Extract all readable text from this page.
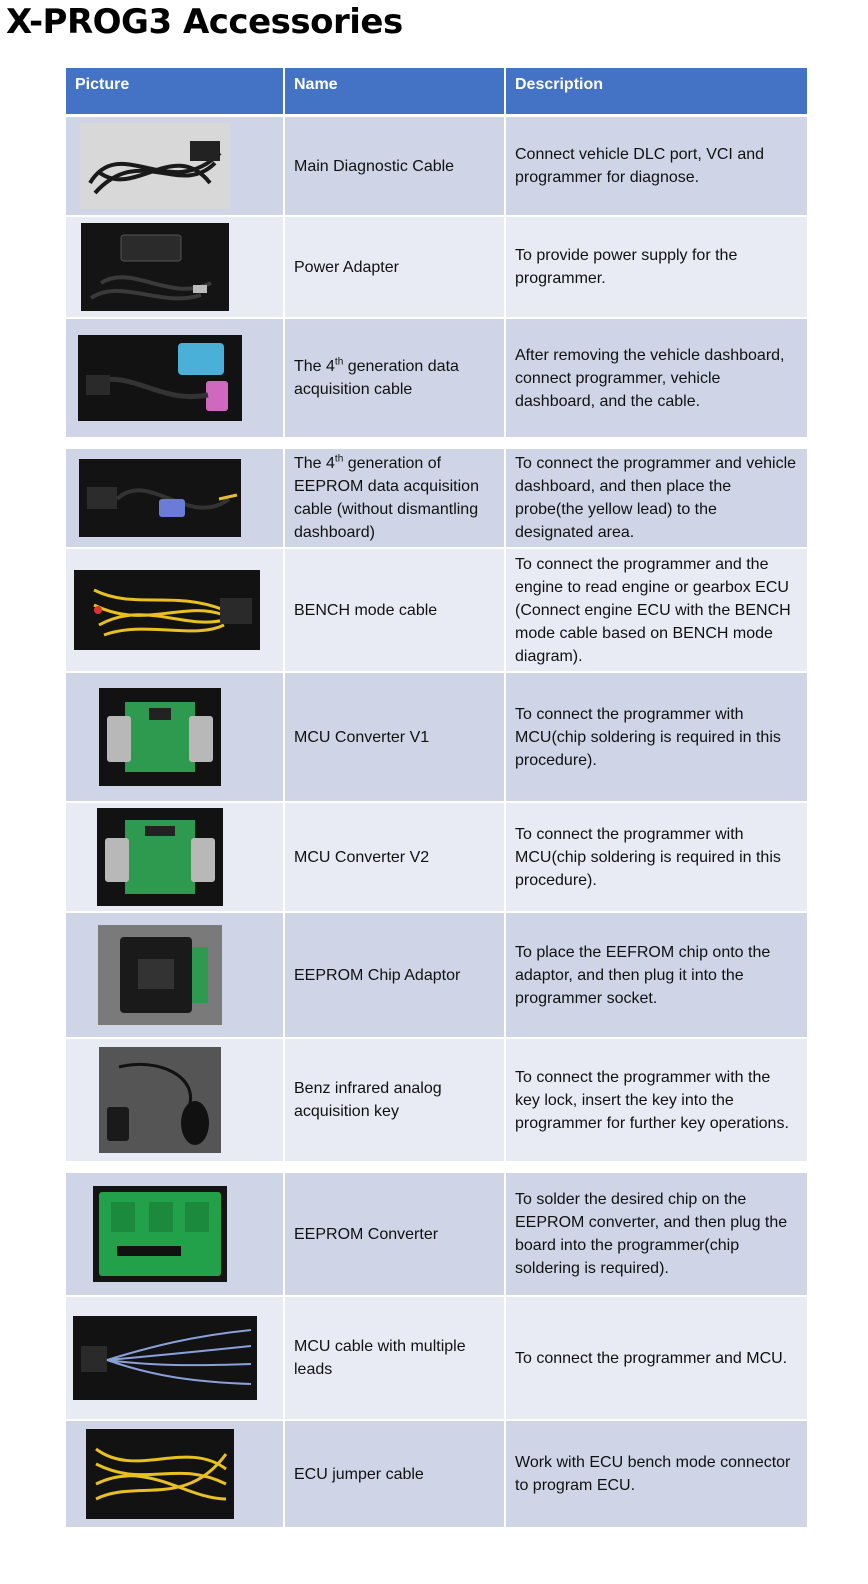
X-PROG3 Accessories
Picture	Name	Description

	Main Diagnostic Cable	Connect vehicle DLC port, VCI and programmer for diagnose.

	Power Adapter	To provide power supply for the programmer.

	The 4th generation data acquisition cable	After removing the vehicle dashboard, connect programmer, vehicle dashboard, and the cable.

	The 4th generation of EEPROM data acquisition cable (without dismantling dashboard)	To connect the programmer and vehicle dashboard, and then place the probe(the yellow lead) to the designated area.

	BENCH mode cable	To connect the programmer and the engine to read engine or gearbox ECU (Connect engine ECU with the BENCH mode cable based on BENCH mode diagram).

	MCU Converter V1	To connect the programmer with MCU(chip soldering is required in this procedure).

	MCU Converter V2	To connect the programmer with MCU(chip soldering is required in this procedure).

	EEPROM Chip Adaptor	To place the EEFROM chip onto the adaptor, and then plug it into the programmer socket.

	Benz infrared analog acquisition key	To connect the programmer with the key lock, insert the key into the programmer for further key operations.

	EEPROM Converter	To solder the desired chip on the EEPROM converter, and then plug the board into the programmer(chip soldering is required).

	MCU cable with multiple leads	To connect the programmer and MCU.

	ECU jumper cable	Work with ECU bench mode connector to program ECU.
